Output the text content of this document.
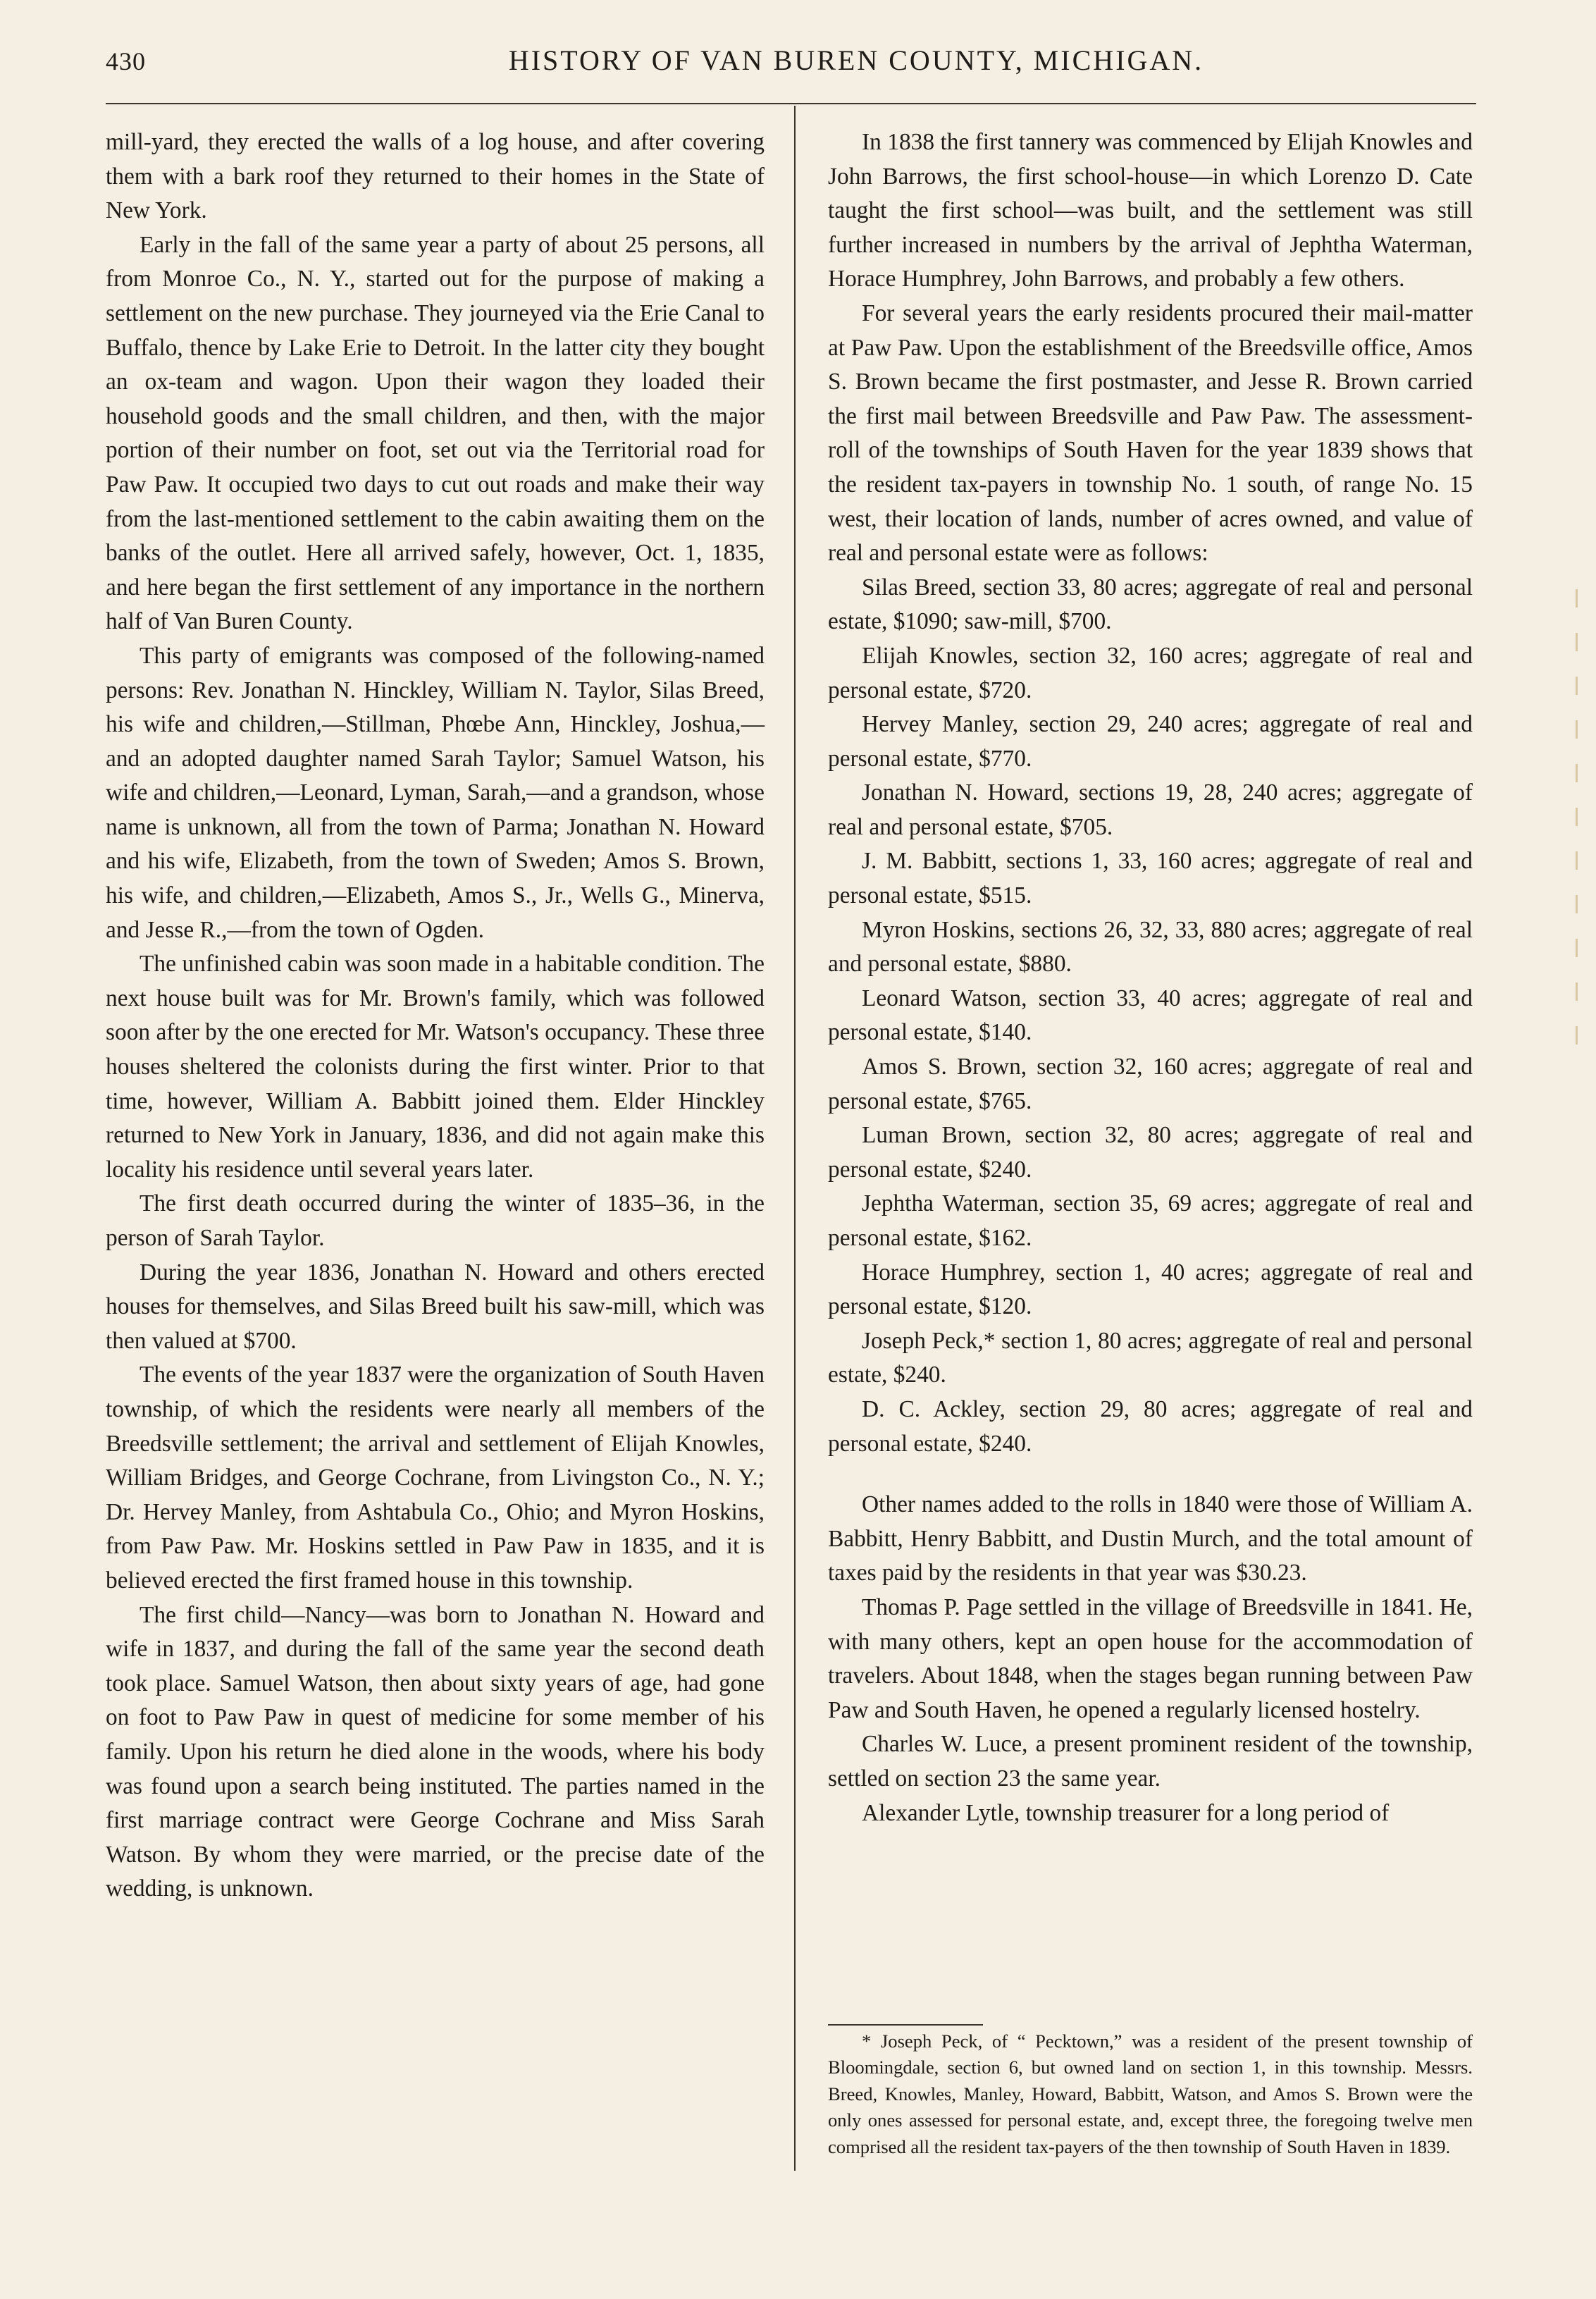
430	HISTORY OF VAN BUREN COUNTY, MICHIGAN.

mill-yard, they erected the walls of a log house, and after covering them with a bark roof they returned to their homes in the State of New York.

Early in the fall of the same year a party of about 25 persons, all from Monroe Co., N. Y., started out for the purpose of making a settlement on the new purchase. They journeyed via the Erie Canal to Buffalo, thence by Lake Erie to Detroit. In the latter city they bought an ox-team and wagon. Upon their wagon they loaded their household goods and the small children, and then, with the major portion of their number on foot, set out via the Territorial road for Paw Paw. It occupied two days to cut out roads and make their way from the last-mentioned settlement to the cabin awaiting them on the banks of the outlet. Here all arrived safely, however, Oct. 1, 1835, and here began the first settlement of any importance in the northern half of Van Buren County.

This party of emigrants was composed of the following-named persons: Rev. Jonathan N. Hinckley, William N. Taylor, Silas Breed, his wife and children,—Stillman, Phœbe Ann, Hinckley, Joshua,—and an adopted daughter named Sarah Taylor; Samuel Watson, his wife and children,—Leonard, Lyman, Sarah,—and a grandson, whose name is unknown, all from the town of Parma; Jonathan N. Howard and his wife, Elizabeth, from the town of Sweden; Amos S. Brown, his wife, and children,—Elizabeth, Amos S., Jr., Wells G., Minerva, and Jesse R.,—from the town of Ogden.

The unfinished cabin was soon made in a habitable condition. The next house built was for Mr. Brown's family, which was followed soon after by the one erected for Mr. Watson's occupancy. These three houses sheltered the colonists during the first winter. Prior to that time, however, William A. Babbitt joined them. Elder Hinckley returned to New York in January, 1836, and did not again make this locality his residence until several years later.

The first death occurred during the winter of 1835–36, in the person of Sarah Taylor.

During the year 1836, Jonathan N. Howard and others erected houses for themselves, and Silas Breed built his saw-mill, which was then valued at $700.

The events of the year 1837 were the organization of South Haven township, of which the residents were nearly all members of the Breedsville settlement; the arrival and settlement of Elijah Knowles, William Bridges, and George Cochrane, from Livingston Co., N. Y.; Dr. Hervey Manley, from Ashtabula Co., Ohio; and Myron Hoskins, from Paw Paw. Mr. Hoskins settled in Paw Paw in 1835, and it is believed erected the first framed house in this township.

The first child—Nancy—was born to Jonathan N. Howard and wife in 1837, and during the fall of the same year the second death took place. Samuel Watson, then about sixty years of age, had gone on foot to Paw Paw in quest of medicine for some member of his family. Upon his return he died alone in the woods, where his body was found upon a search being instituted. The parties named in the first marriage contract were George Cochrane and Miss Sarah Watson. By whom they were married, or the precise date of the wedding, is unknown.

In 1838 the first tannery was commenced by Elijah Knowles and John Barrows, the first school-house—in which Lorenzo D. Cate taught the first school—was built, and the settlement was still further increased in numbers by the arrival of Jephtha Waterman, Horace Humphrey, John Barrows, and probably a few others.

For several years the early residents procured their mail-matter at Paw Paw. Upon the establishment of the Breedsville office, Amos S. Brown became the first postmaster, and Jesse R. Brown carried the first mail between Breedsville and Paw Paw. The assessment-roll of the townships of South Haven for the year 1839 shows that the resident tax-payers in township No. 1 south, of range No. 15 west, their location of lands, number of acres owned, and value of real and personal estate were as follows:

Silas Breed, section 33, 80 acres; aggregate of real and personal estate, $1090; saw-mill, $700.

Elijah Knowles, section 32, 160 acres; aggregate of real and personal estate, $720.

Hervey Manley, section 29, 240 acres; aggregate of real and personal estate, $770.

Jonathan N. Howard, sections 19, 28, 240 acres; aggregate of real and personal estate, $705.

J. M. Babbitt, sections 1, 33, 160 acres; aggregate of real and personal estate, $515.

Myron Hoskins, sections 26, 32, 33, 880 acres; aggregate of real and personal estate, $880.

Leonard Watson, section 33, 40 acres; aggregate of real and personal estate, $140.

Amos S. Brown, section 32, 160 acres; aggregate of real and personal estate, $765.

Luman Brown, section 32, 80 acres; aggregate of real and personal estate, $240.

Jephtha Waterman, section 35, 69 acres; aggregate of real and personal estate, $162.

Horace Humphrey, section 1, 40 acres; aggregate of real and personal estate, $120.

Joseph Peck,* section 1, 80 acres; aggregate of real and personal estate, $240.

D. C. Ackley, section 29, 80 acres; aggregate of real and personal estate, $240.

Other names added to the rolls in 1840 were those of William A. Babbitt, Henry Babbitt, and Dustin Murch, and the total amount of taxes paid by the residents in that year was $30.23.

Thomas P. Page settled in the village of Breedsville in 1841. He, with many others, kept an open house for the accommodation of travelers. About 1848, when the stages began running between Paw Paw and South Haven, he opened a regularly licensed hostelry.

Charles W. Luce, a present prominent resident of the township, settled on section 23 the same year.

Alexander Lytle, township treasurer for a long period of

* Joseph Peck, of “ Pecktown,” was a resident of the present township of Bloomingdale, section 6, but owned land on section 1, in this township. Messrs. Breed, Knowles, Manley, Howard, Babbitt, Watson, and Amos S. Brown were the only ones assessed for personal estate, and, except three, the foregoing twelve men comprised all the resident tax-payers of the then township of South Haven in 1839.
